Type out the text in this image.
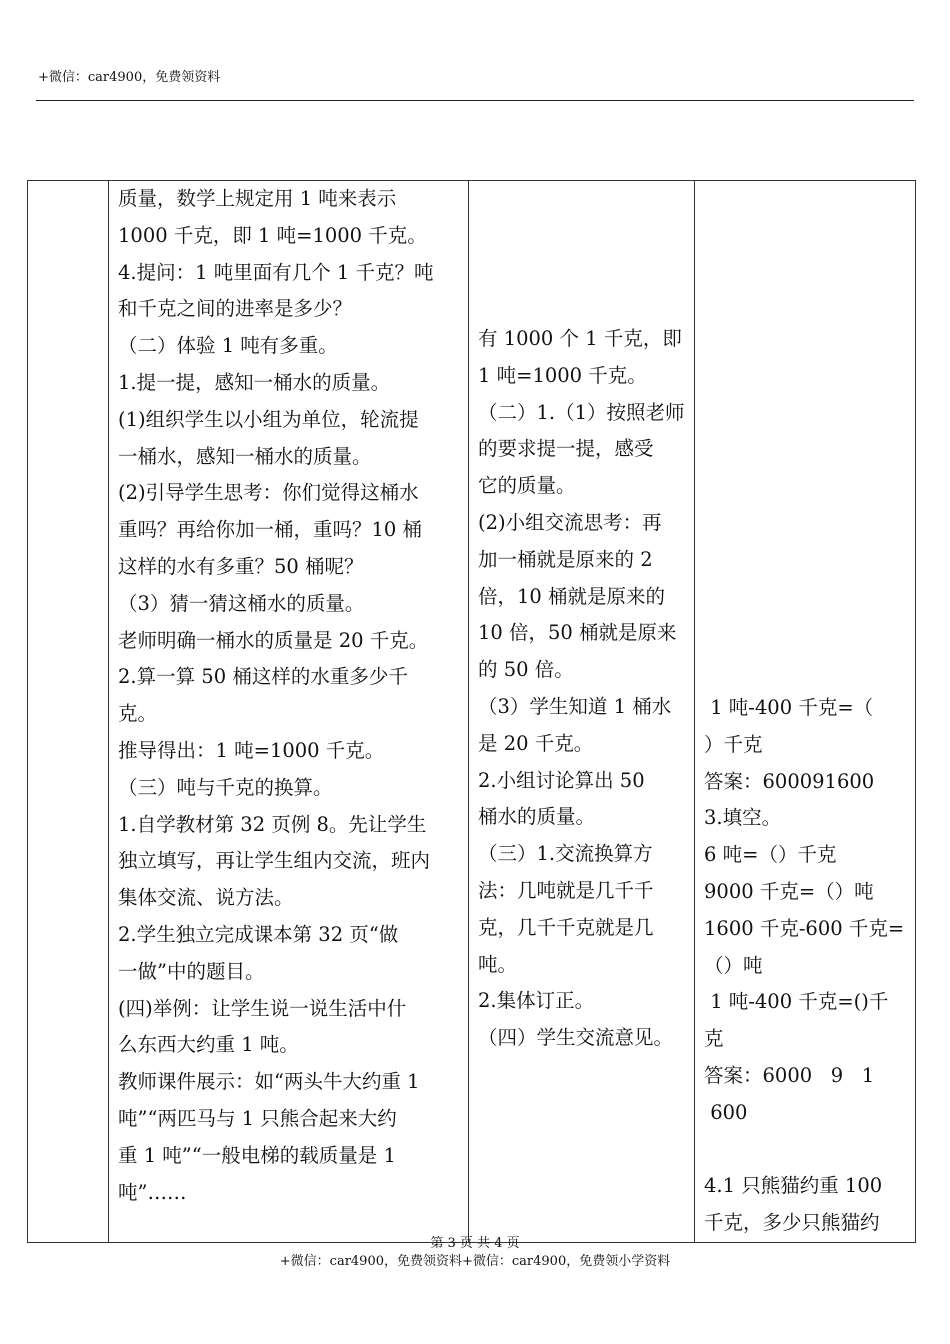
+微信：car4900，免费领资料

质量，数学上规定用 1 吨来表示
1000 千克，即 1 吨=1000 千克。
4.提问：1 吨里面有几个 1 千克？吨
和千克之间的进率是多少？
（二）体验 1 吨有多重。
1.提一提，感知一桶水的质量。
(1)组织学生以小组为单位，轮流提
一桶水，感知一桶水的质量。
(2)引导学生思考：你们觉得这桶水
重吗？再给你加一桶，重吗？10 桶
这样的水有多重？50 桶呢？
（3）猜一猜这桶水的质量。
老师明确一桶水的质量是 20 千克。
2.算一算 50 桶这样的水重多少千
克。
推导得出：1 吨=1000 千克。
（三）吨与千克的换算。
1.自学教材第 32 页例 8。先让学生
独立填写，再让学生组内交流，班内
集体交流、说方法。
2.学生独立完成课本第 32 页“做
一做”中的题目。
(四)举例：让学生说一说生活中什
么东西大约重 1 吨。
教师课件展示：如“两头牛大约重 1
吨”“两匹马与 1 只熊合起来大约
重 1 吨”“一般电梯的载质量是 1
吨”……

有 1000 个 1 千克，即
1 吨=1000 千克。
（二）1.（1）按照老师
的要求提一提，感受
它的质量。
(2)小组交流思考：再
加一桶就是原来的 2
倍，10 桶就是原来的
10 倍，50 桶就是原来
的 50 倍。
（3）学生知道 1 桶水
是 20 千克。
2.小组讨论算出 50
桶水的质量。
（三）1.交流换算方
法：几吨就是几千千
克，几千千克就是几
吨。
2.集体订正。
（四）学生交流意见。

1 吨-400 千克=（
）千克
答案：600091600
3.填空。
6 吨=（）千克
9000 千克=（）吨
1600 千克-600 千克=
（）吨
1 吨-400 千克=()千
克
答案：6000   9   1
600
4.1 只熊猫约重 100
千克，多少只熊猫约
第 3 页 共 4 页
+微信：car4900，免费领资料+微信：car4900，免费领小学资料
